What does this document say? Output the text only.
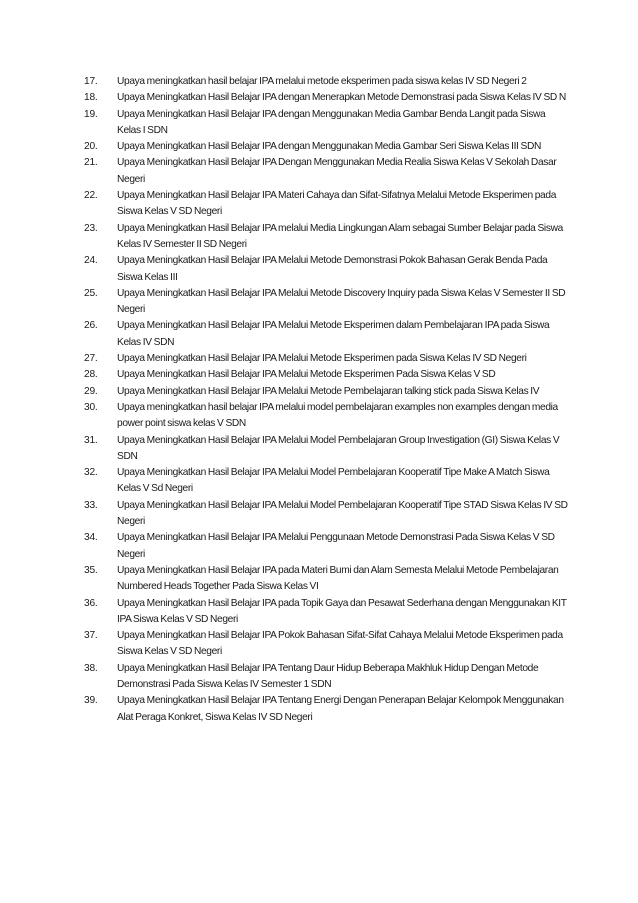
17.	Upaya meningkatkan hasil belajar IPA melalui metode eksperimen pada siswa kelas IV SD Negeri 2
18.	Upaya Meningkatkan Hasil Belajar IPA dengan Menerapkan Metode Demonstrasi pada Siswa Kelas IV SD N
19.	Upaya Meningkatkan Hasil Belajar IPA dengan Menggunakan Media Gambar Benda Langit pada Siswa Kelas I SDN
20.	Upaya Meningkatkan Hasil Belajar IPA dengan Menggunakan Media Gambar Seri Siswa Kelas III SDN
21.	Upaya Meningkatkan Hasil Belajar IPA Dengan Menggunakan Media Realia Siswa Kelas V Sekolah Dasar Negeri
22.	Upaya Meningkatkan Hasil Belajar IPA Materi Cahaya dan Sifat-Sifatnya Melalui Metode Eksperimen pada Siswa Kelas V SD Negeri
23.	Upaya Meningkatkan Hasil Belajar IPA melalui Media Lingkungan Alam sebagai Sumber Belajar pada Siswa Kelas IV Semester II SD Negeri
24.	Upaya Meningkatkan Hasil Belajar IPA Melalui Metode Demonstrasi Pokok Bahasan Gerak Benda Pada Siswa Kelas III
25.	Upaya Meningkatkan Hasil Belajar IPA Melalui Metode Discovery Inquiry pada Siswa Kelas V Semester II SD Negeri
26.	Upaya Meningkatkan Hasil Belajar IPA Melalui Metode Eksperimen dalam Pembelajaran IPA pada Siswa Kelas IV SDN
27.	Upaya Meningkatkan Hasil Belajar IPA Melalui Metode Eksperimen pada Siswa Kelas IV SD Negeri
28.	Upaya Meningkatkan Hasil Belajar IPA Melalui Metode Eksperimen Pada Siswa Kelas V SD
29.	Upaya Meningkatkan Hasil Belajar IPA Melalui Metode Pembelajaran talking stick pada Siswa Kelas IV
30.	Upaya meningkatkan hasil belajar IPA melalui model pembelajaran examples non examples dengan media power point siswa kelas V SDN
31.	Upaya Meningkatkan Hasil Belajar IPA Melalui Model Pembelajaran Group Investigation (GI) Siswa Kelas V SDN
32.	Upaya Meningkatkan Hasil Belajar IPA Melalui Model Pembelajaran Kooperatif Tipe Make A Match Siswa Kelas V Sd Negeri
33.	Upaya Meningkatkan Hasil Belajar IPA Melalui Model Pembelajaran Kooperatif Tipe STAD Siswa Kelas IV SD Negeri
34.	Upaya Meningkatkan Hasil Belajar IPA Melalui Penggunaan Metode Demonstrasi Pada Siswa Kelas V SD Negeri
35.	Upaya Meningkatkan Hasil Belajar IPA pada Materi Bumi dan Alam Semesta Melalui Metode Pembelajaran Numbered Heads Together Pada Siswa Kelas VI
36.	Upaya Meningkatkan Hasil Belajar IPA pada Topik Gaya dan Pesawat Sederhana dengan Menggunakan KIT IPA Siswa Kelas V SD Negeri
37.	Upaya Meningkatkan Hasil Belajar IPA Pokok Bahasan Sifat-Sifat Cahaya Melalui Metode Eksperimen pada Siswa Kelas V SD Negeri
38.	Upaya Meningkatkan Hasil Belajar IPA Tentang Daur Hidup Beberapa Makhluk Hidup Dengan Metode Demonstrasi Pada Siswa Kelas IV Semester 1 SDN
39.	Upaya Meningkatkan Hasil Belajar IPA Tentang Energi Dengan Penerapan Belajar Kelompok Menggunakan Alat Peraga Konkret, Siswa Kelas IV SD Negeri
